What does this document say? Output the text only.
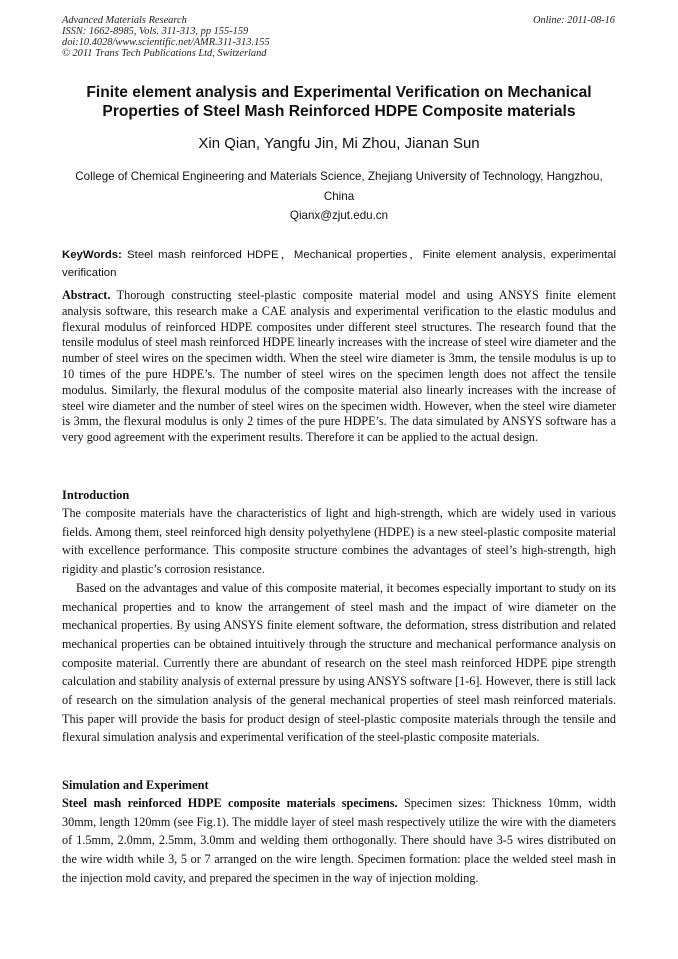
Advanced Materials Research
ISSN: 1662-8985, Vols. 311-313, pp 155-159
doi:10.4028/www.scientific.net/AMR.311-313.155
© 2011 Trans Tech Publications Ltd, Switzerland
Online: 2011-08-16
Finite element analysis and Experimental Verification on Mechanical Properties of Steel Mash Reinforced HDPE Composite materials
Xin Qian, Yangfu Jin, Mi Zhou, Jianan Sun
College of Chemical Engineering and Materials Science, Zhejiang University of Technology, Hangzhou, China
Qianx@zjut.edu.cn
KeyWords: Steel mash reinforced HDPE，Mechanical properties，Finite element analysis, experimental verification
Abstract. Thorough constructing steel-plastic composite material model and using ANSYS finite element analysis software, this research make a CAE analysis and experimental verification to the elastic modulus and flexural modulus of reinforced HDPE composites under different steel structures. The research found that the tensile modulus of steel mash reinforced HDPE linearly increases with the increase of steel wire diameter and the number of steel wires on the specimen width. When the steel wire diameter is 3mm, the tensile modulus is up to 10 times of the pure HDPE’s. The number of steel wires on the specimen length does not affect the tensile modulus. Similarly, the flexural modulus of the composite material also linearly increases with the increase of steel wire diameter and the number of steel wires on the specimen width. However, when the steel wire diameter is 3mm, the flexural modulus is only 2 times of the pure HDPE’s. The data simulated by ANSYS software has a very good agreement with the experiment results. Therefore it can be applied to the actual design.
Introduction

The composite materials have the characteristics of light and high-strength, which are widely used in various fields. Among them, steel reinforced high density polyethylene (HDPE) is a new steel-plastic composite material with excellence performance. This composite structure combines the advantages of steel’s high-strength, high rigidity and plastic’s corrosion resistance.

Based on the advantages and value of this composite material, it becomes especially important to study on its mechanical properties and to know the arrangement of steel mash and the impact of wire diameter on the mechanical properties. By using ANSYS finite element software, the deformation, stress distribution and related mechanical properties can be obtained intuitively through the structure and mechanical performance analysis on composite material. Currently there are abundant of research on the steel mash reinforced HDPE pipe strength calculation and stability analysis of external pressure by using ANSYS software [1-6]. However, there is still lack of research on the simulation analysis of the general mechanical properties of steel mash reinforced materials. This paper will provide the basis for product design of steel-plastic composite materials through the tensile and flexural simulation analysis and experimental verification of the steel-plastic composite materials.

Simulation and Experiment

Steel mash reinforced HDPE composite materials specimens. Specimen sizes: Thickness 10mm, width 30mm, length 120mm (see Fig.1). The middle layer of steel mash respectively utilize the wire with the diameters of 1.5mm, 2.0mm, 2.5mm, 3.0mm and welding them orthogonally. There should have 3-5 wires distributed on the wire width while 3, 5 or 7 arranged on the wire length. Specimen formation: place the welded steel mash in the injection mold cavity, and prepared the specimen in the way of injection molding.
